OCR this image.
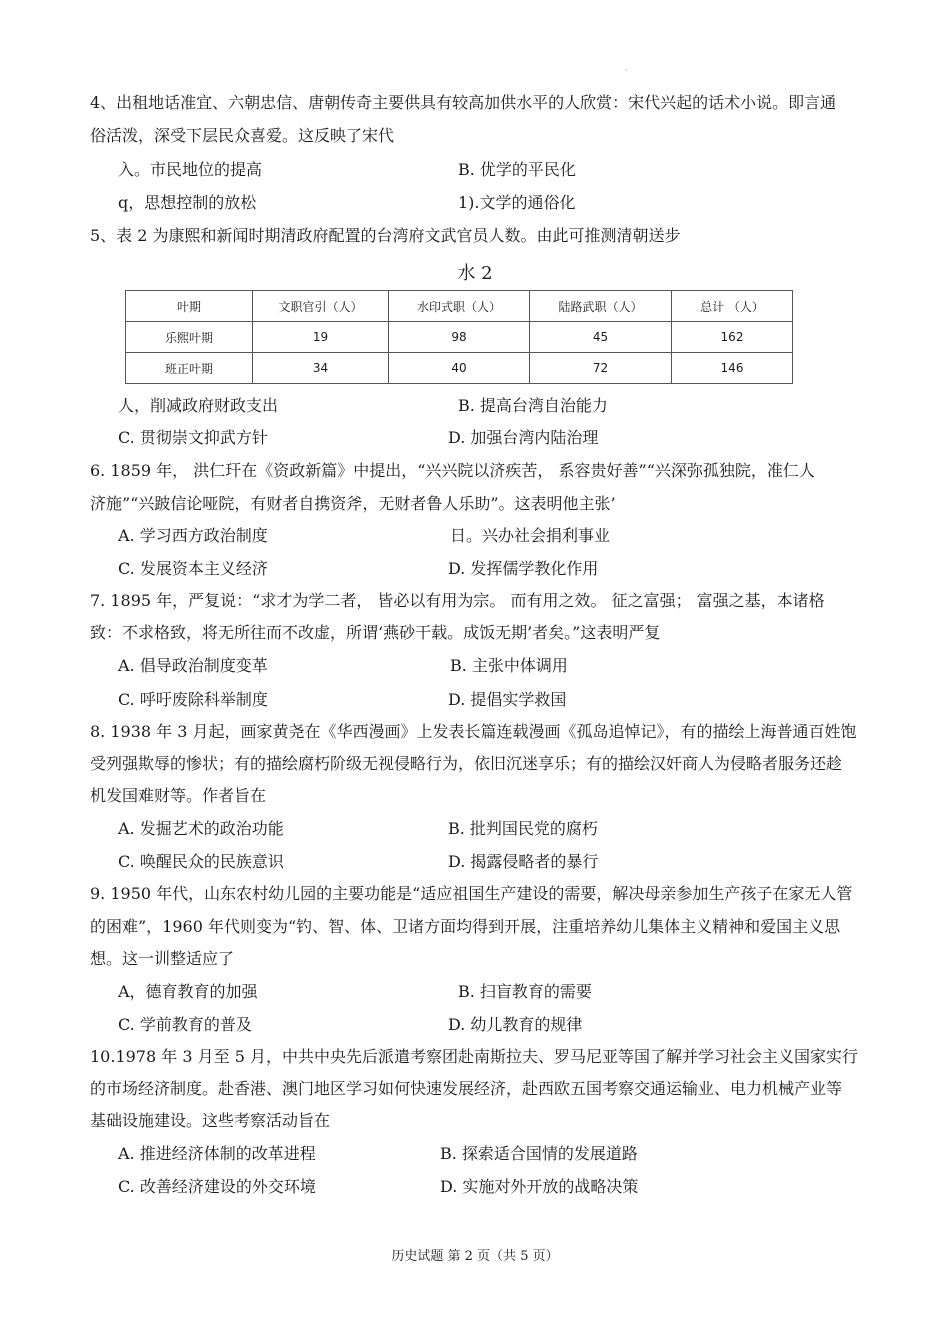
·
4、出租地话准宜、六朝忠信、唐朝传奇主要供具有较高加供水平的人欣赏：宋代兴起的话术小说。即言通
俗活泼，深受下层民众喜爱。这反映了宋代
入。市民地位的提高	B. 优学的平民化
q，思想控制的放松	1).文学的通俗化
5、表 2 为康熙和新闻时期清政府配置的台湾府文武官员人数。由此可推测清朝送步
水 2
叶期	文职官引（人）	水印式职（人）	陆路武职（人）	总计 （人）
乐熙叶期	19	98	45	162
班正叶期	34	40	72	146
人，削减政府财政支出	B. 提高台湾自治能力
C. 贯彻崇文抑武方针	D. 加强台湾内陆治理
6. 1859 年， 洪仁玕在《资政新篇》中提出，“兴兴院以济疾苦， 系容贵好善”“兴深弥孤独院，准仁人
济施”“兴跛信论哑院，有财者自携资斧，无财者鲁人乐助”。这表明他主张’
A. 学习西方政治制度	日。兴办社会捐利事业
C. 发展资本主义经济	D. 发挥儒学教化作用
7. 1895 年，严复说：“求才为学二者， 皆必以有用为宗。 而有用之效。 征之富强； 富强之基，本诸格
致：不求格致，将无所往而不改虚，所谓‘燕砂干载。成饭无期’者矣。”这表明严复
A. 倡导政治制度变革	B. 主张中体调用
C. 呼吁废除科举制度	D. 提倡实学救国
8. 1938 年 3 月起，画家黄尧在《华西漫画》上发表长篇连载漫画《孤岛追悼记》，有的描绘上海普通百姓饱
受列强欺辱的惨状；有的描绘腐朽阶级无视侵略行为，依旧沉迷享乐；有的描绘汉奸商人为侵略者服务还趁
机发国难财等。作者旨在
A. 发掘艺术的政治功能	B. 批判国民党的腐朽
C. 唤醒民众的民族意识	D. 揭露侵略者的暴行
9. 1950 年代，山东农村幼儿园的主要功能是“适应祖国生产建设的需要，解决母亲参加生产孩子在家无人管
的困难”，1960 年代则变为“钓、智、体、卫诸方面均得到开展，注重培养幼儿集体主义精神和爱国主义思
想。这一训整适应了
A，德育教育的加强	B. 扫盲教育的需要
C. 学前教育的普及	D. 幼儿教育的规律
10.1978 年 3 月至 5 月，中共中央先后派遣考察团赴南斯拉夫、罗马尼亚等国了解并学习社会主义国家实行
的市场经济制度。赴香港、澳门地区学习如何快速发展经济，赴西欧五国考察交通运输业、电力机械产业等
基础设施建设。这些考察活动旨在
A. 推进经济体制的改革进程	B. 探索适合国情的发展道路
C. 改善经济建设的外交环境	D. 实施对外开放的战略决策
历史试题 第 2 页（共 5 页）
